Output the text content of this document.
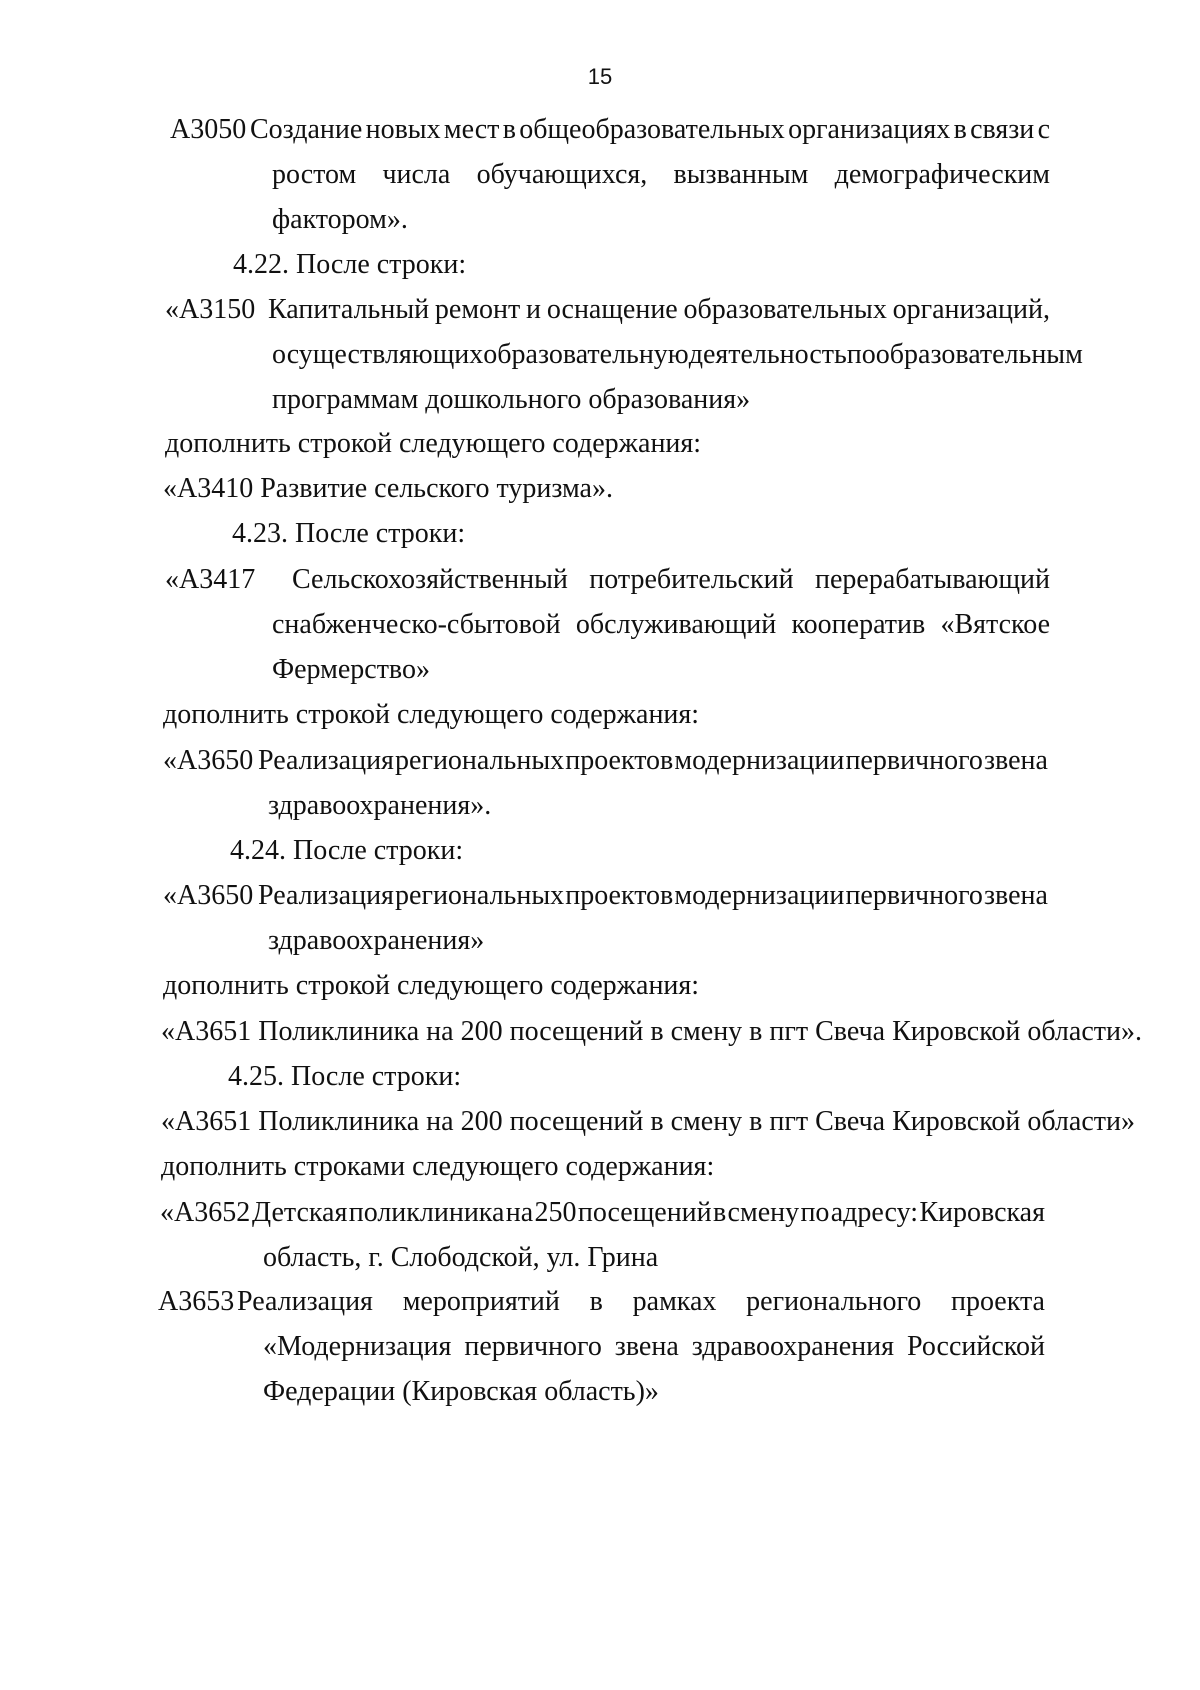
15
А3050 Создание новых мест в общеобразовательных организациях в связи с
ростом числа обучающихся, вызванным демографическим
фактором».
4.22. После строки:
«А3150 Капитальный ремонт и оснащение образовательных организаций,
осуществляющих образовательную деятельность по образовательным
программам дошкольного образования»
дополнить строкой следующего содержания:
«А3410 Развитие сельского туризма».
4.23. После строки:
«А3417 Сельскохозяйственный потребительский перерабатывающий
снабженческо-сбытовой обслуживающий кооператив «Вятское
Фермерство»
дополнить строкой следующего содержания:
«А3650 Реализация региональных проектов модернизации первичного звена
здравоохранения».
4.24. После строки:
«А3650 Реализация региональных проектов модернизации первичного звена
здравоохранения»
дополнить строкой следующего содержания:
«А3651 Поликлиника на 200 посещений в смену в пгт Свеча Кировской области».
4.25. После строки:
«А3651 Поликлиника на 200 посещений в смену в пгт Свеча Кировской области»
дополнить строками следующего содержания:
«А3652 Детская поликлиника на 250 посещений в смену по адресу: Кировская
область, г. Слободской, ул. Грина
А3653 Реализация мероприятий в рамках регионального проекта
«Модернизация первичного звена здравоохранения Российской
Федерации (Кировская область)»
